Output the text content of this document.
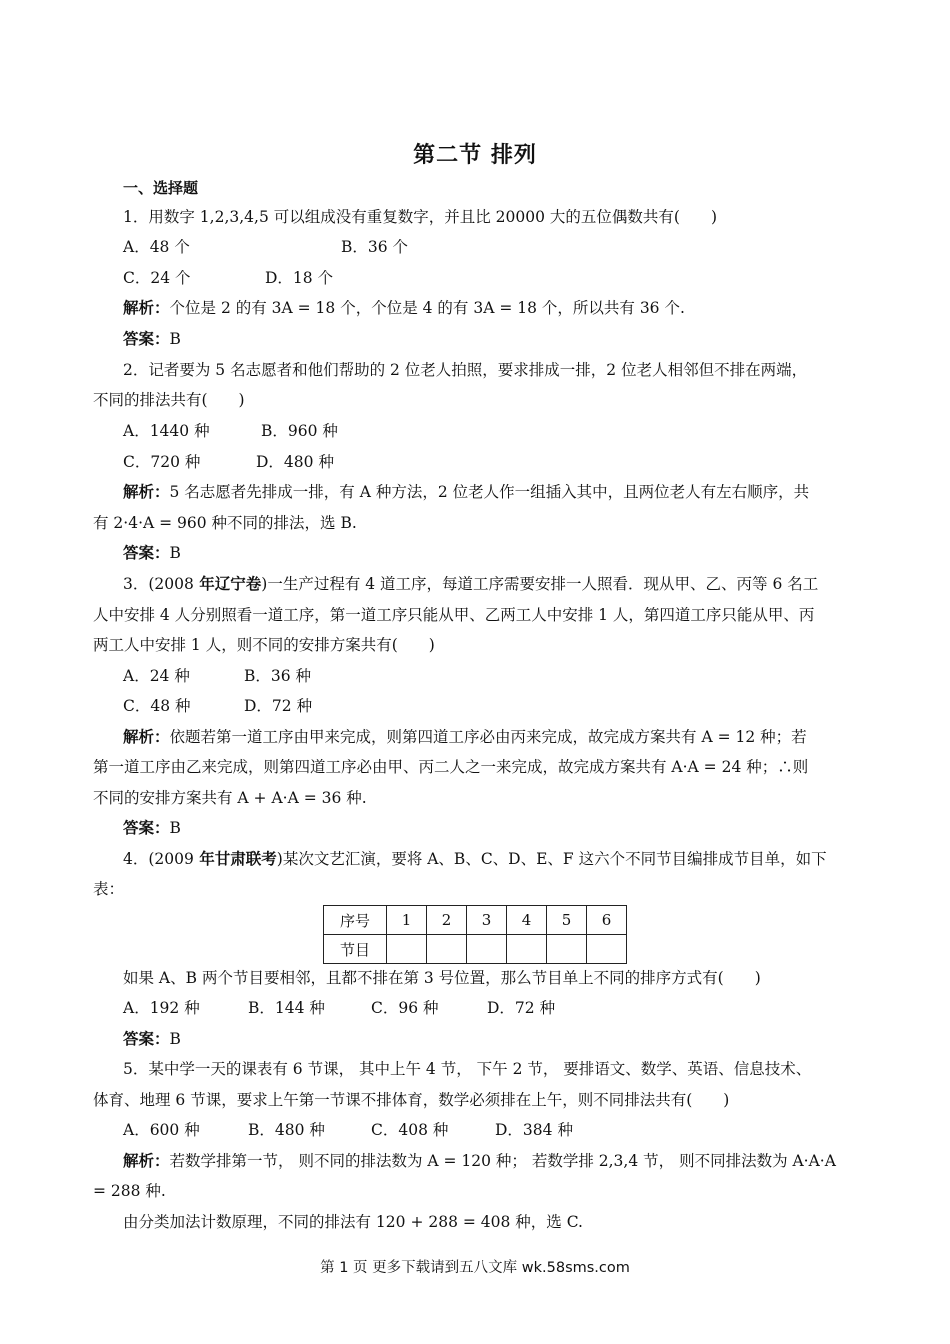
第二节 排列
一、选择题
1．用数字 1,2,3,4,5 可以组成没有重复数字，并且比 20000 大的五位偶数共有(　　)
A．48 个	B．36 个
C．24 个	D．18 个
解析：个位是 2 的有 3A = 18 个，个位是 4 的有 3A = 18 个，所以共有 36 个.
答案：B
2．记者要为 5 名志愿者和他们帮助的 2 位老人拍照，要求排成一排，2 位老人相邻但不排在两端，
不同的排法共有(　　)
A．1440 种	B．960 种
C．720 种	D．480 种
解析：5 名志愿者先排成一排，有 A 种方法，2 位老人作一组插入其中，且两位老人有左右顺序，共
有 2·4·A = 960 种不同的排法，选 B.
答案：B
3．(2008 年辽宁卷)一生产过程有 4 道工序，每道工序需要安排一人照看．现从甲、乙、丙等 6 名工
人中安排 4 人分别照看一道工序，第一道工序只能从甲、乙两工人中安排 1 人，第四道工序只能从甲、丙
两工人中安排 1 人，则不同的安排方案共有(　　)
A．24 种	B．36 种
C．48 种	D．72 种
解析：依题若第一道工序由甲来完成，则第四道工序必由丙来完成，故完成方案共有 A = 12 种；若
第一道工序由乙来完成，则第四道工序必由甲、丙二人之一来完成，故完成方案共有 A·A = 24 种；∴则
不同的安排方案共有 A + A·A = 36 种.
答案：B
4．(2009 年甘肃联考)某次文艺汇演，要将 A、B、C、D、E、F 这六个不同节目编排成节目单，如下
表：
序号	1	2	3	4	5	6
节目						
如果 A、B 两个节目要相邻，且都不排在第 3 号位置，那么节目单上不同的排序方式有(　　)
A．192 种	B．144 种	C．96 种	D．72 种
答案：B
5．某中学一天的课表有 6 节课， 其中上午 4 节， 下午 2 节， 要排语文、数学、英语、信息技术、
体育、地理 6 节课，要求上午第一节课不排体育，数学必须排在上午，则不同排法共有(　　)
A．600 种	B．480 种	C．408 种	D．384 种
解析：若数学排第一节， 则不同的排法数为 A = 120 种； 若数学排 2,3,4 节， 则不同排法数为 A·A·A
= 288 种.
由分类加法计数原理，不同的排法有 120 + 288 = 408 种，选 C.
第 1 页 更多下载请到五八文库 wk.58sms.com
